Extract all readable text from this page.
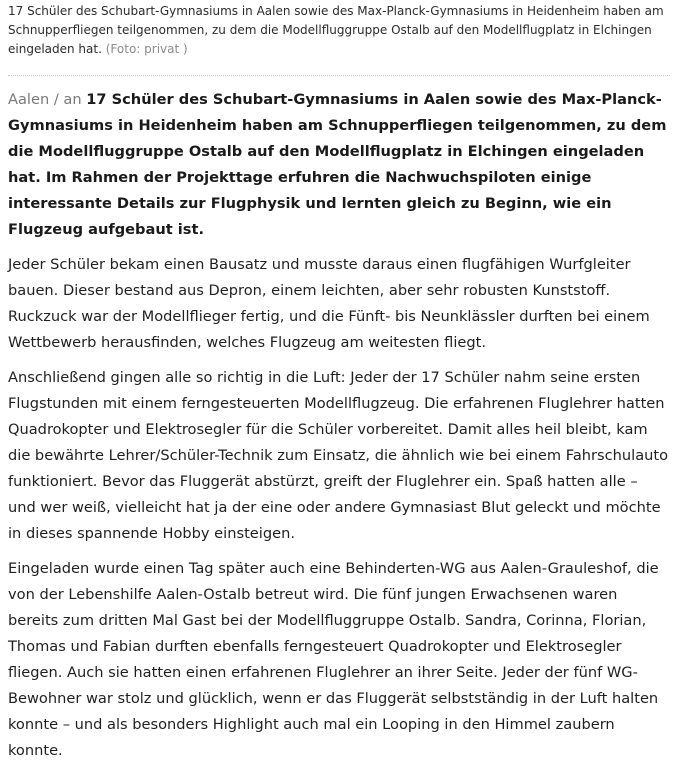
17 Schüler des Schubart-Gymnasiums in Aalen sowie des Max-Planck-Gymnasiums in Heidenheim haben am Schnupperfliegen teilgenommen, zu dem die Modellfluggruppe Ostalb auf den Modellflugplatz in Elchingen eingeladen hat. (Foto: privat )
Aalen / an 17 Schüler des Schubart-Gymnasiums in Aalen sowie des Max-Planck-Gymnasiums in Heidenheim haben am Schnupperfliegen teilgenommen, zu dem die Modellfluggruppe Ostalb auf den Modellflugplatz in Elchingen eingeladen hat. Im Rahmen der Projekttage erfuhren die Nachwuchspiloten einige interessante Details zur Flugphysik und lernten gleich zu Beginn, wie ein Flugzeug aufgebaut ist.
Jeder Schüler bekam einen Bausatz und musste daraus einen flugfähigen Wurfgleiter bauen. Dieser bestand aus Depron, einem leichten, aber sehr robusten Kunststoff. Ruckzuck war der Modellflieger fertig, und die Fünft- bis Neunklässler durften bei einem Wettbewerb herausfinden, welches Flugzeug am weitesten fliegt.
Anschließend gingen alle so richtig in die Luft: Jeder der 17 Schüler nahm seine ersten Flugstunden mit einem ferngesteuerten Modellflugzeug. Die erfahrenen Fluglehrer hatten Quadrokopter und Elektrosegler für die Schüler vorbereitet. Damit alles heil bleibt, kam die bewährte Lehrer/Schüler-Technik zum Einsatz, die ähnlich wie bei einem Fahrschulauto funktioniert. Bevor das Fluggerät abstürzt, greift der Fluglehrer ein. Spaß hatten alle – und wer weiß, vielleicht hat ja der eine oder andere Gymnasiast Blut geleckt und möchte in dieses spannende Hobby einsteigen.
Eingeladen wurde einen Tag später auch eine Behinderten-WG aus Aalen-Grauleshof, die von der Lebenshilfe Aalen-Ostalb betreut wird. Die fünf jungen Erwachsenen waren bereits zum dritten Mal Gast bei der Modellfluggruppe Ostalb. Sandra, Corinna, Florian, Thomas und Fabian durften ebenfalls ferngesteuert Quadrokopter und Elektrosegler fliegen. Auch sie hatten einen erfahrenen Fluglehrer an ihrer Seite. Jeder der fünf WG-Bewohner war stolz und glücklich, wenn er das Fluggerät selbstständig in der Luft halten konnte – und als besonders Highlight auch mal ein Looping in den Himmel zaubern konnte.
